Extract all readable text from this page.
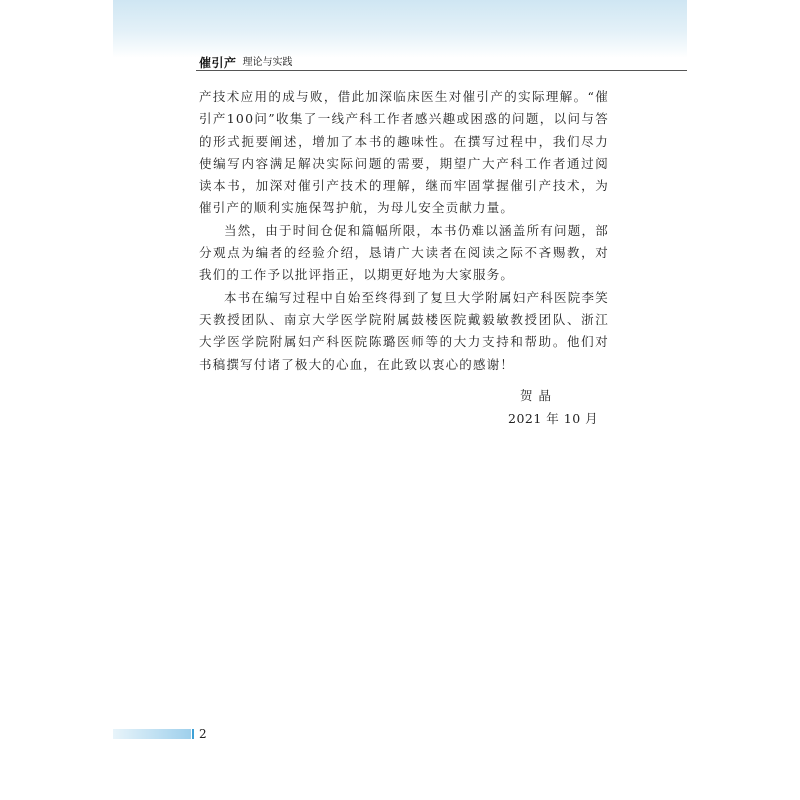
催引产 理论与实践

产技术应用的成与败，借此加深临床医生对催引产的实际理解。“催引产100问”收集了一线产科工作者感兴趣或困惑的问题，以问与答的形式扼要阐述，增加了本书的趣味性。在撰写过程中，我们尽力使编写内容满足解决实际问题的需要，期望广大产科工作者通过阅读本书，加深对催引产技术的理解，继而牢固掌握催引产技术，为催引产的顺利实施保驾护航，为母儿安全贡献力量。

当然，由于时间仓促和篇幅所限，本书仍难以涵盖所有问题，部分观点为编者的经验介绍，恳请广大读者在阅读之际不吝赐教，对我们的工作予以批评指正，以期更好地为大家服务。

本书在编写过程中自始至终得到了复旦大学附属妇产科医院李笑天教授团队、南京大学医学院附属鼓楼医院戴毅敏教授团队、浙江大学医学院附属妇产科医院陈璐医师等的大力支持和帮助。他们对书稿撰写付诸了极大的心血，在此致以衷心的感谢！

贺晶
2021 年 10 月
2
